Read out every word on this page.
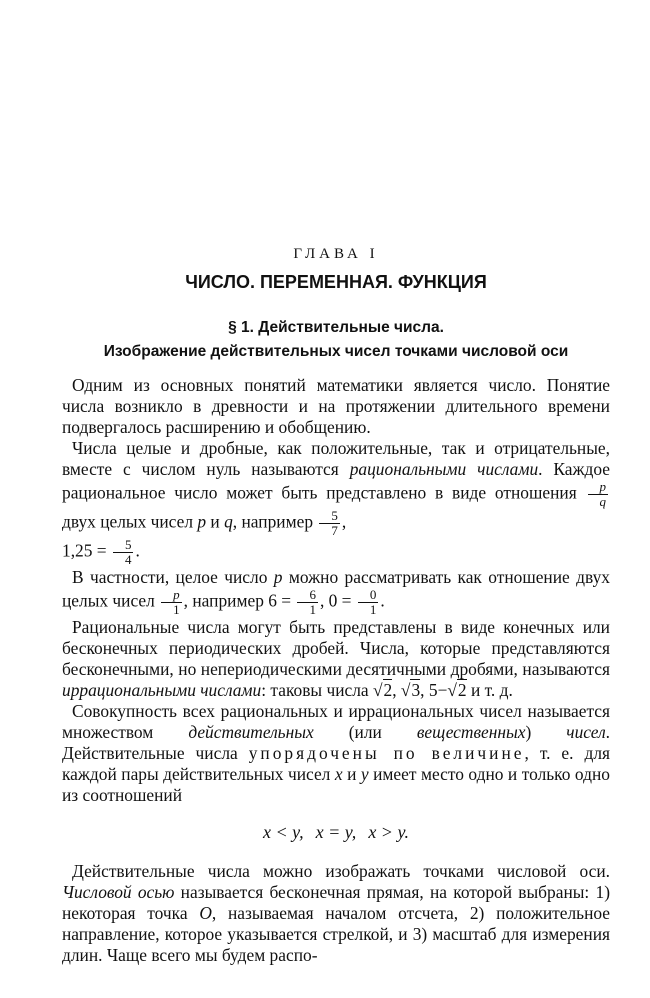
ГЛАВА I
ЧИСЛО. ПЕРЕМЕННАЯ. ФУНКЦИЯ
§ 1. Действительные числа.
Изображение действительных чисел точками числовой оси

Одним из основных понятий математики является число. Понятие числа возникло в древности и на протяжении длительного времени подвергалось расширению и обобщению.

Числа целые и дробные, как положительные, так и отрицательные, вместе с числом нуль называются рациональными числами. Каждое рациональное число может быть представлено в виде отношения $\frac{p}{q}$
двух целых чисел p и q, например $\frac{5}{7}$ ,
$1,25 = \frac{5}{4}$ .

В частности, целое число p можно рассматривать как отношение двух целых чисел $\frac{p}{1}$ , например $6 = \frac{6}{1}$ , $0 = \frac{0}{1}$ .

Рациональные числа могут быть представлены в виде конечных или бесконечных периодических дробей. Числа, которые представляются бесконечными, но непериодическими десятичными дробями, называются иррациональными числами: таковы числа √2, √3, 5−√2 и т. д.

Совокупность всех рациональных и иррациональных чисел называется множеством действительных (или вещественных) чисел. Действительные числа упорядочены по величине, т. е. для каждой пары действительных чисел x и y имеет место одно и только одно из соотношений

x < y, x = y, x > y.

Действительные числа можно изображать точками числовой оси. Числовой осью называется бесконечная прямая, на которой выбраны: 1) некоторая точка O, называемая началом отсчета, 2) положительное направление, которое указывается стрелкой, и 3) масштаб для измерения длин. Чаще всего мы будем распо-
